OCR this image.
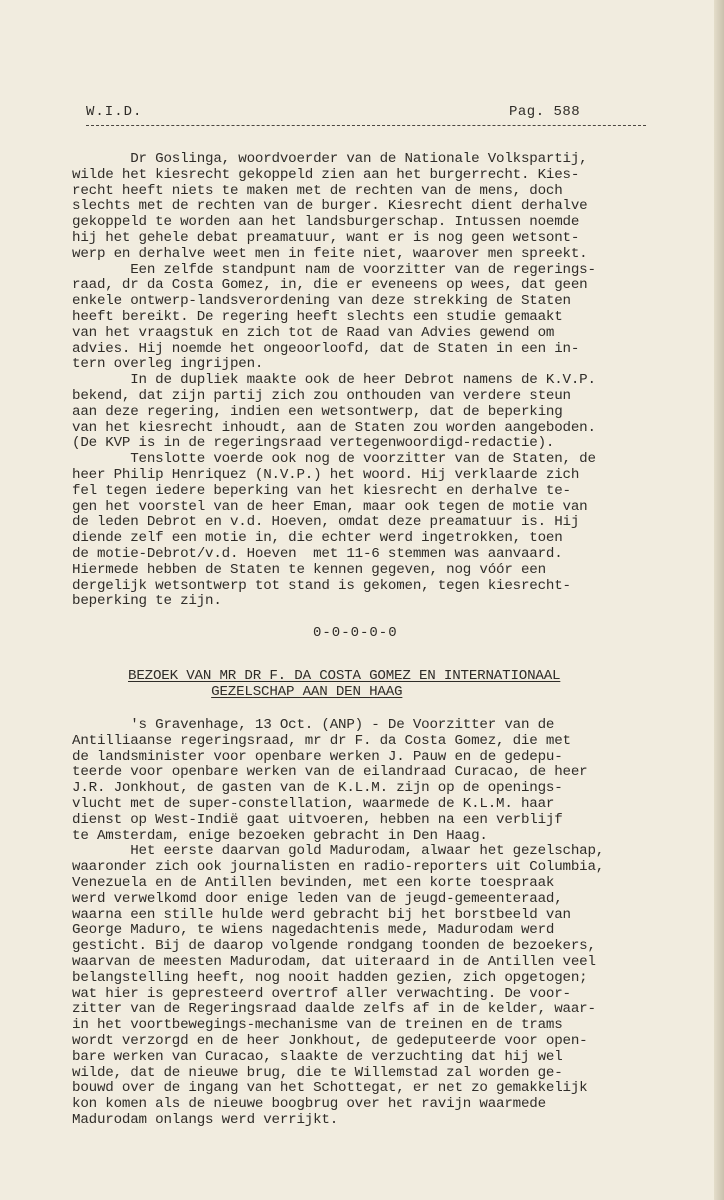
W.I.D.	Pag. 588
Dr Goslinga, woordvoerder van de Nationale Volkspartij,
wilde het kiesrecht gekoppeld zien aan het burgerrecht. Kies-
recht heeft niets te maken met de rechten van de mens, doch
slechts met de rechten van de burger. Kiesrecht dient derhalve
gekoppeld te worden aan het landsburgerschap. Intussen noemde
hij het gehele debat preamatuur, want er is nog geen wetsont-
werp en derhalve weet men in feite niet, waarover men spreekt.
Een zelfde standpunt nam de voorzitter van de regerings-
raad, dr da Costa Gomez, in, die er eveneens op wees, dat geen
enkele ontwerp-landsverordening van deze strekking de Staten
heeft bereikt. De regering heeft slechts een studie gemaakt
van het vraagstuk en zich tot de Raad van Advies gewend om
advies. Hij noemde het ongeoorloofd, dat de Staten in een in-
tern overleg ingrijpen.
In de dupliek maakte ook de heer Debrot namens de K.V.P.
bekend, dat zijn partij zich zou onthouden van verdere steun
aan deze regering, indien een wetsontwerp, dat de beperking
van het kiesrecht inhoudt, aan de Staten zou worden aangeboden.
(De KVP is in de regeringsraad vertegenwoordigd-redactie).
Tenslotte voerde ook nog de voorzitter van de Staten, de
heer Philip Henriquez (N.V.P.) het woord. Hij verklaarde zich
fel tegen iedere beperking van het kiesrecht en derhalve te-
gen het voorstel van de heer Eman, maar ook tegen de motie van
de leden Debrot en v.d. Hoeven, omdat deze preamatuur is. Hij
diende zelf een motie in, die echter werd ingetrokken, toen
de motie-Debrot/v.d. Hoeven  met 11-6 stemmen was aanvaard.
Hiermede hebben de Staten te kennen gegeven, nog vóór een
dergelijk wetsontwerp tot stand is gekomen, tegen kiesrecht-
beperking te zijn.
0-0-0-0-0
BEZOEK VAN MR DR F. DA COSTA GOMEZ EN INTERNATIONAAL
GEZELSCHAP AAN DEN HAAG
's Gravenhage, 13 Oct. (ANP) - De Voorzitter van de
Antilliaanse regeringsraad, mr dr F. da Costa Gomez, die met
de landsminister voor openbare werken J. Pauw en de gedepu-
teerde voor openbare werken van de eilandraad Curacao, de heer
J.R. Jonkhout, de gasten van de K.L.M. zijn op de openings-
vlucht met de super-constellation, waarmede de K.L.M. haar
dienst op West-Indië gaat uitvoeren, hebben na een verblijf
te Amsterdam, enige bezoeken gebracht in Den Haag.
Het eerste daarvan gold Madurodam, alwaar het gezelschap,
waaronder zich ook journalisten en radio-reporters uit Columbia,
Venezuela en de Antillen bevinden, met een korte toespraak
werd verwelkomd door enige leden van de jeugd-gemeenteraad,
waarna een stille hulde werd gebracht bij het borstbeeld van
George Maduro, te wiens nagedachtenis mede, Madurodam werd
gesticht. Bij de daarop volgende rondgang toonden de bezoekers,
waarvan de meesten Madurodam, dat uiteraard in de Antillen veel
belangstelling heeft, nog nooit hadden gezien, zich opgetogen;
wat hier is gepresteerd overtrof aller verwachting. De voor-
zitter van de Regeringsraad daalde zelfs af in de kelder, waar-
in het voortbewegings-mechanisme van de treinen en de trams
wordt verzorgd en de heer Jonkhout, de gedeputeerde voor open-
bare werken van Curacao, slaakte de verzuchting dat hij wel
wilde, dat de nieuwe brug, die te Willemstad zal worden ge-
bouwd over de ingang van het Schottegat, er net zo gemakkelijk
kon komen als de nieuwe boogbrug over het ravijn waarmede
Madurodam onlangs werd verrijkt.
